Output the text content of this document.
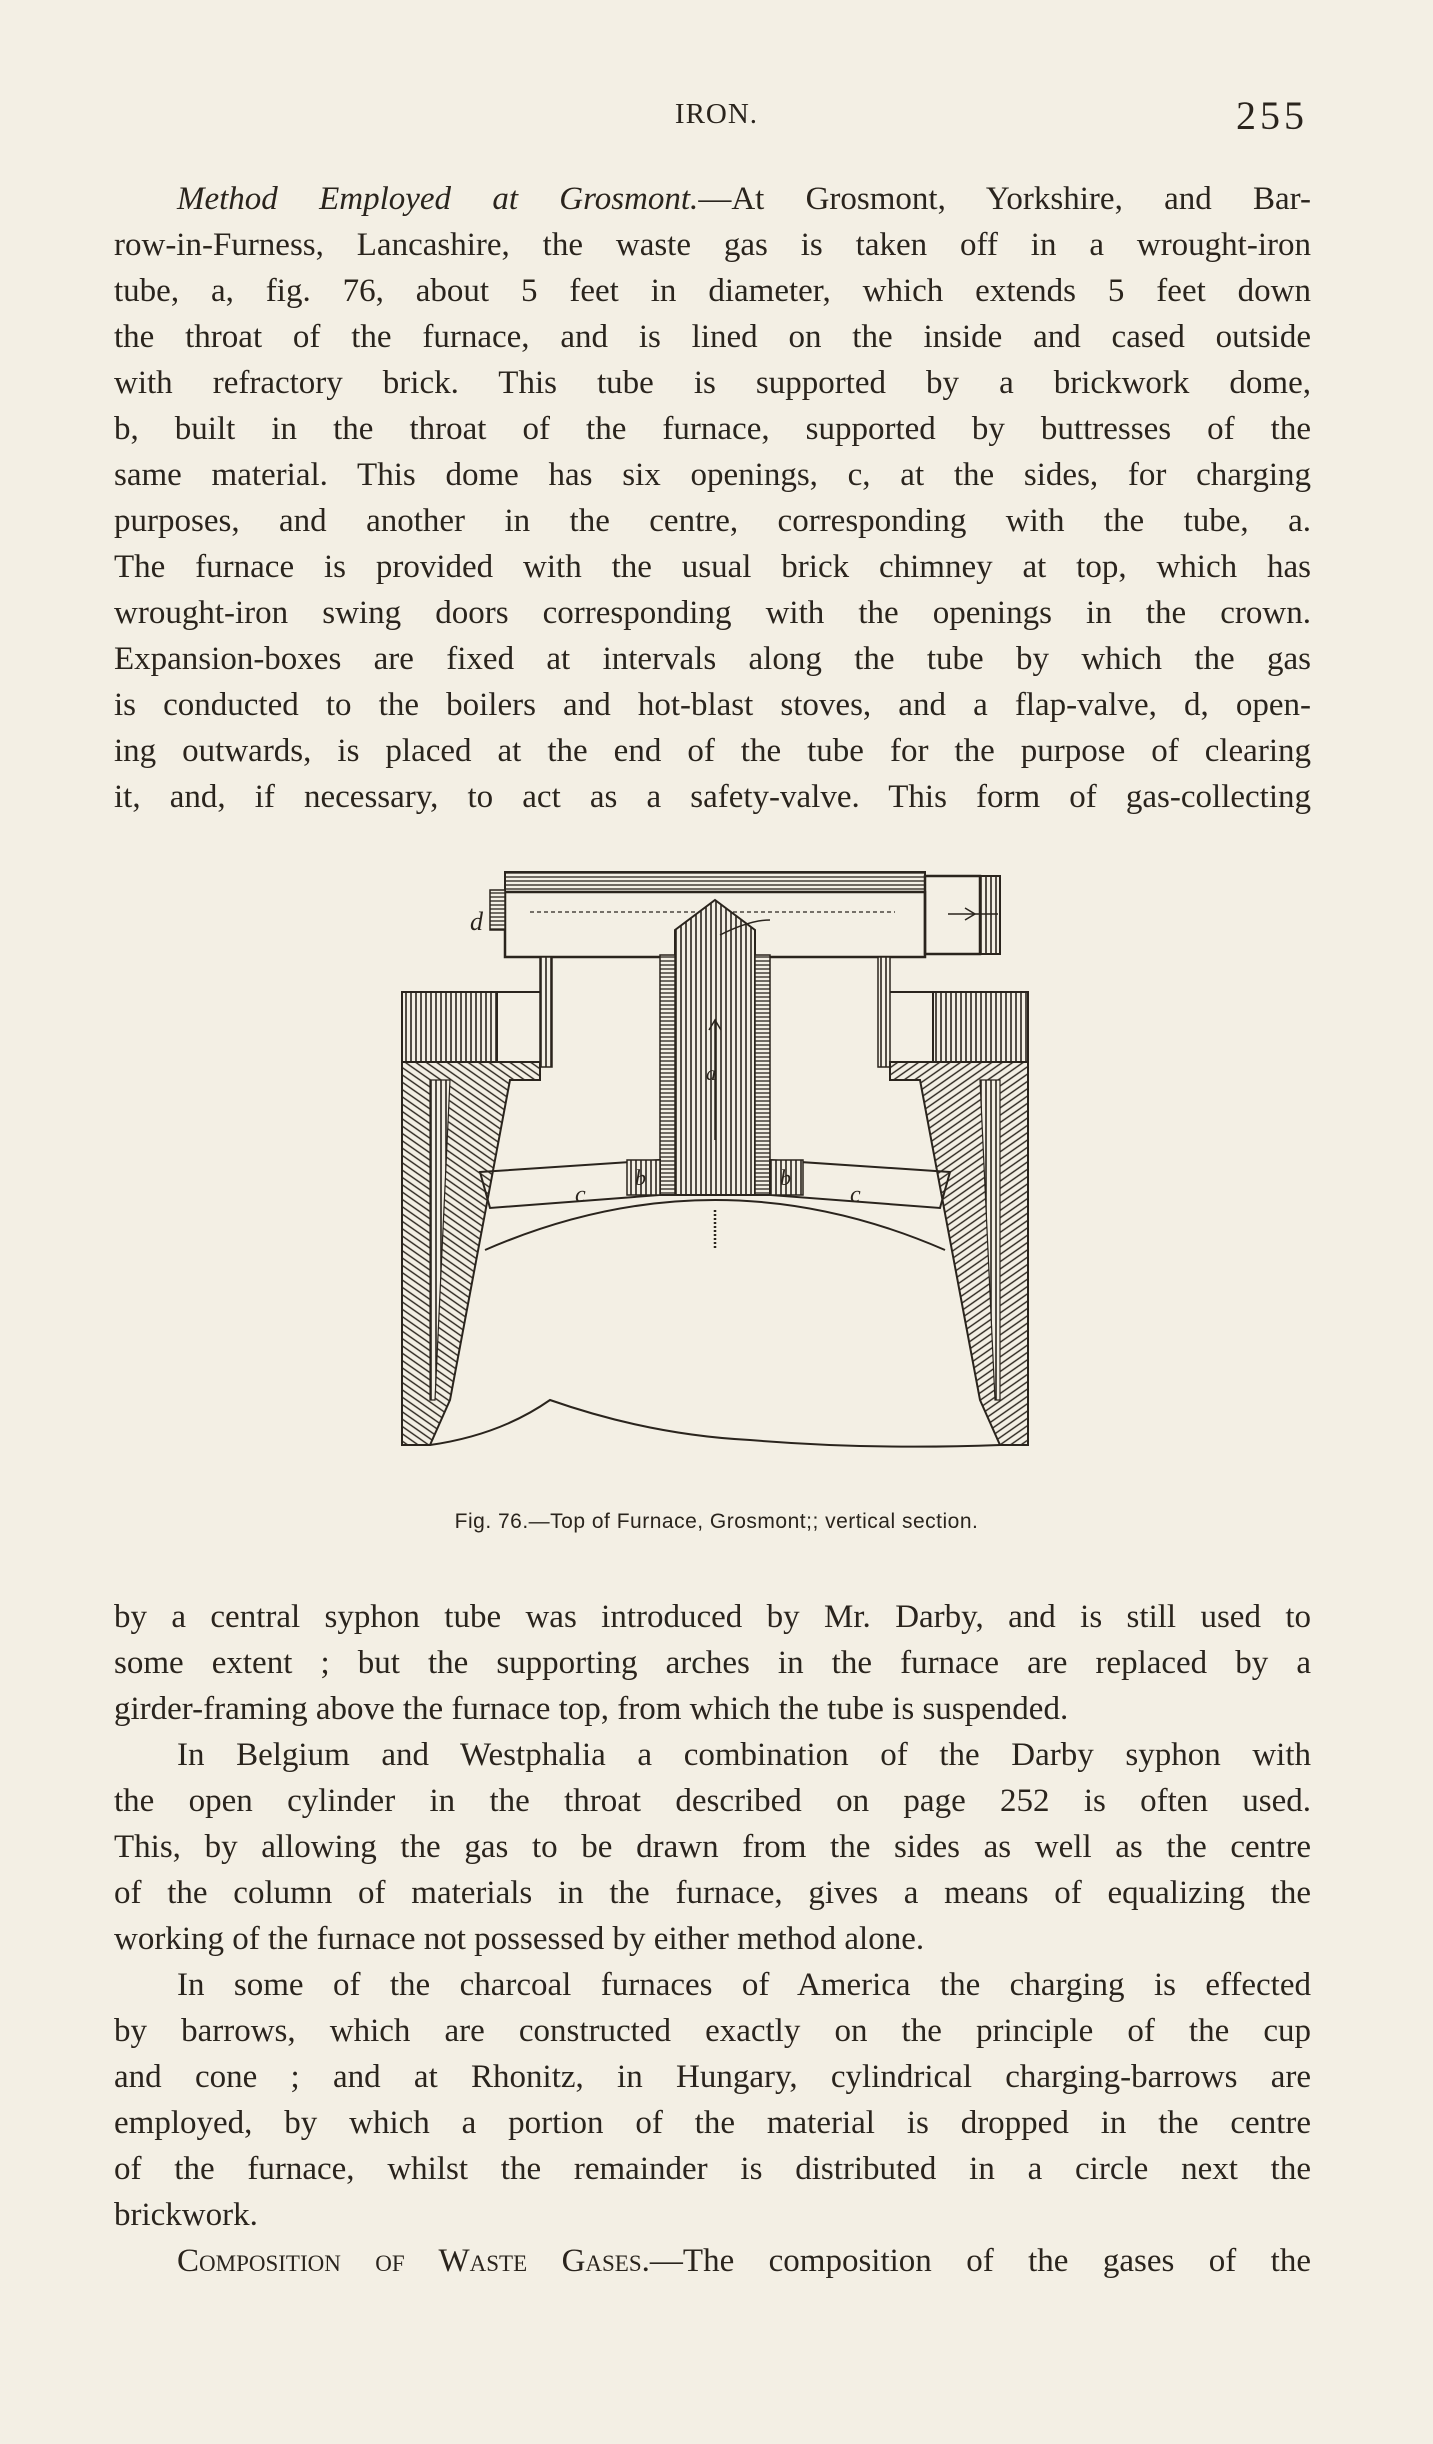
IRON.	255
Method Employed at Grosmont.—At Grosmont, Yorkshire, and Bar-
row-in-Furness, Lancashire, the waste gas is taken off in a wrought-iron
tube, a, fig. 76, about 5 feet in diameter, which extends 5 feet down
the throat of the furnace, and is lined on the inside and cased outside
with refractory brick. This tube is supported by a brickwork dome,
b, built in the throat of the furnace, supported by buttresses of the
same material. This dome has six openings, c, at the sides, for charging
purposes, and another in the centre, corresponding with the tube, a.
The furnace is provided with the usual brick chimney at top, which has
wrought-iron swing doors corresponding with the openings in the crown.
Expansion-boxes are fixed at intervals along the tube by which the gas
is conducted to the boilers and hot-blast stoves, and a flap-valve, d, open-
ing outwards, is placed at the end of the tube for the purpose of clearing
it, and, if necessary, to act as a safety-valve. This form of gas-collecting
d
a
b	b
c	c
Fig. 76.—Top of Furnace, Grosmont;; vertical section.
by a central syphon tube was introduced by Mr. Darby, and is still used to
some extent ; but the supporting arches in the furnace are replaced by a
girder-framing above the furnace top, from which the tube is suspended.
In Belgium and Westphalia a combination of the Darby syphon with
the open cylinder in the throat described on page 252 is often used.
This, by allowing the gas to be drawn from the sides as well as the centre
of the column of materials in the furnace, gives a means of equalizing the
working of the furnace not possessed by either method alone.
In some of the charcoal furnaces of America the charging is effected
by barrows, which are constructed exactly on the principle of the cup
and cone ; and at Rhonitz, in Hungary, cylindrical charging-barrows are
employed, by which a portion of the material is dropped in the centre
of the furnace, whilst the remainder is distributed in a circle next the
brickwork.
Composition of Waste Gases.—The composition of the gases of the
